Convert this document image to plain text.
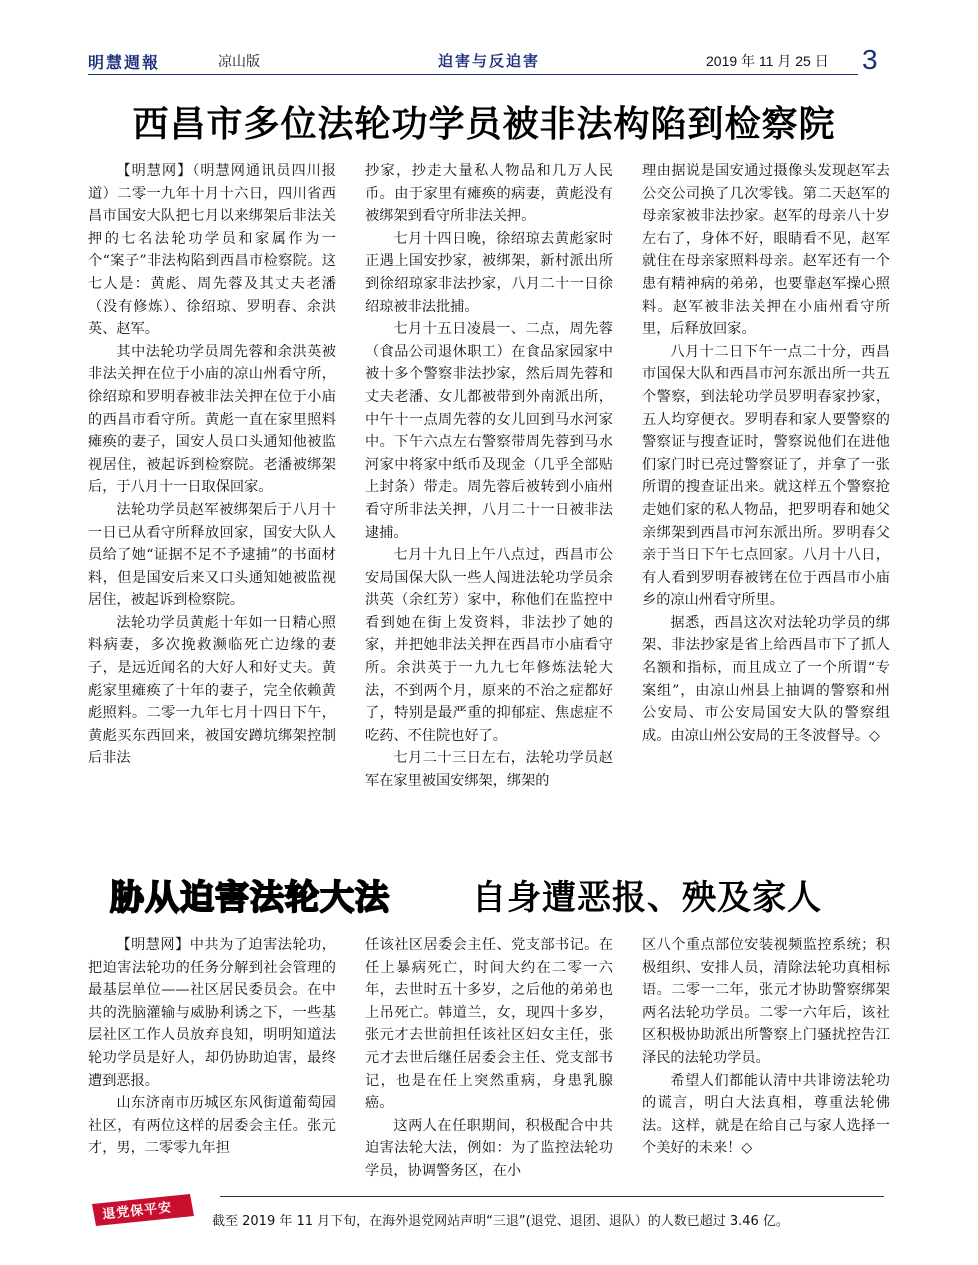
明慧週報	凉山版	迫害与反迫害	2019 年 11 月 25 日 3
西昌市多位法轮功学员被非法构陷到检察院

【明慧网】（明慧网通讯员四川报道）二零一九年十月十六日，四川省西昌市国安大队把七月以来绑架后非法关押的七名法轮功学员和家属作为一个“案子”非法构陷到西昌市检察院。这七人是：黄彪、周先蓉及其丈夫老潘（没有修炼）、徐绍琼、罗明春、余洪英、赵军。

其中法轮功学员周先蓉和余洪英被非法关押在位于小庙的凉山州看守所，徐绍琼和罗明春被非法关押在位于小庙的西昌市看守所。黄彪一直在家里照料瘫痪的妻子，国安人员口头通知他被监视居住，被起诉到检察院。老潘被绑架后，于八月十一日取保回家。

法轮功学员赵军被绑架后于八月十一日已从看守所释放回家，国安大队人员给了她“证据不足不予逮捕”的书面材料，但是国安后来又口头通知她被监视居住，被起诉到检察院。

法轮功学员黄彪十年如一日精心照料病妻，多次挽救濒临死亡边缘的妻子，是远近闻名的大好人和好丈夫。黄彪家里瘫痪了十年的妻子，完全依赖黄彪照料。二零一九年七月十四日下午，黄彪买东西回来，被国安蹲坑绑架控制后非法

抄家，抄走大量私人物品和几万人民币。由于家里有瘫痪的病妻，黄彪没有被绑架到看守所非法关押。

七月十四日晚，徐绍琼去黄彪家时正遇上国安抄家，被绑架，新村派出所到徐绍琼家非法抄家，八月二十一日徐绍琼被非法批捕。

七月十五日凌晨一、二点，周先蓉（食品公司退休职工）在食品家园家中被十多个警察非法抄家，然后周先蓉和丈夫老潘、女儿都被带到外南派出所，中午十一点周先蓉的女儿回到马水河家中。下午六点左右警察带周先蓉到马水河家中将家中纸币及现金（几乎全部贴上封条）带走。周先蓉后被转到小庙州看守所非法关押，八月二十一日被非法逮捕。

七月十九日上午八点过，西昌市公安局国保大队一些人闯进法轮功学员余洪英（余红芳）家中，称他们在监控中看到她在街上发资料，非法抄了她的家，并把她非法关押在西昌市小庙看守所。余洪英于一九九七年修炼法轮大法，不到两个月，原来的不治之症都好了，特别是最严重的抑郁症、焦虑症不吃药、不住院也好了。

七月二十三日左右，法轮功学员赵军在家里被国安绑架，绑架的

理由据说是国安通过摄像头发现赵军去公交公司换了几次零钱。第二天赵军的母亲家被非法抄家。赵军的母亲八十岁左右了，身体不好，眼睛看不见，赵军就住在母亲家照料母亲。赵军还有一个患有精神病的弟弟，也要靠赵军操心照料。赵军被非法关押在小庙州看守所里，后释放回家。

八月十二日下午一点二十分，西昌市国保大队和西昌市河东派出所一共五个警察，到法轮功学员罗明春家抄家，五人均穿便衣。罗明春和家人要警察的警察证与搜查证时，警察说他们在进他们家门时已亮过警察证了，并拿了一张所谓的搜查证出来。就这样五个警察抢走她们家的私人物品，把罗明春和她父亲绑架到西昌市河东派出所。罗明春父亲于当日下午七点回家。八月十八日，有人看到罗明春被铐在位于西昌市小庙乡的凉山州看守所里。

据悉，西昌这次对法轮功学员的绑架、非法抄家是省上给西昌市下了抓人名额和指标，而且成立了一个所谓“专案组”，由凉山州县上抽调的警察和州公安局、市公安局国安大队的警察组成。由凉山州公安局的王冬波督导。◇

胁从迫害法轮大法 自身遭恶报、殃及家人

【明慧网】中共为了迫害法轮功，把迫害法轮功的任务分解到社会管理的最基层单位——社区居民委员会。在中共的洗脑灌输与威胁利诱之下，一些基层社区工作人员放弃良知，明明知道法轮功学员是好人，却仍协助迫害，最终遭到恶报。

山东济南市历城区东风街道葡萄园社区，有两位这样的居委会主任。张元才，男，二零零九年担

任该社区居委会主任、党支部书记。在任上暴病死亡，时间大约在二零一六年，去世时五十多岁，之后他的弟弟也上吊死亡。韩道兰，女，现四十多岁，张元才去世前担任该社区妇女主任，张元才去世后继任居委会主任、党支部书记，也是在任上突然重病，身患乳腺癌。

这两人在任职期间，积极配合中共迫害法轮大法，例如：为了监控法轮功学员，协调警务区，在小

区八个重点部位安装视频监控系统；积极组织、安排人员，清除法轮功真相标语。二零一二年，张元才协助警察绑架两名法轮功学员。二零一六年后，该社区积极协助派出所警察上门骚扰控告江泽民的法轮功学员。

希望人们都能认清中共诽谤法轮功的谎言，明白大法真相，尊重法轮佛法。这样，就是在给自己与家人选择一个美好的未来！◇

退党保平安	截至 2019 年 11 月下旬，在海外退党网站声明“三退”(退党、退团、退队）的人数已超过 3.46 亿。
